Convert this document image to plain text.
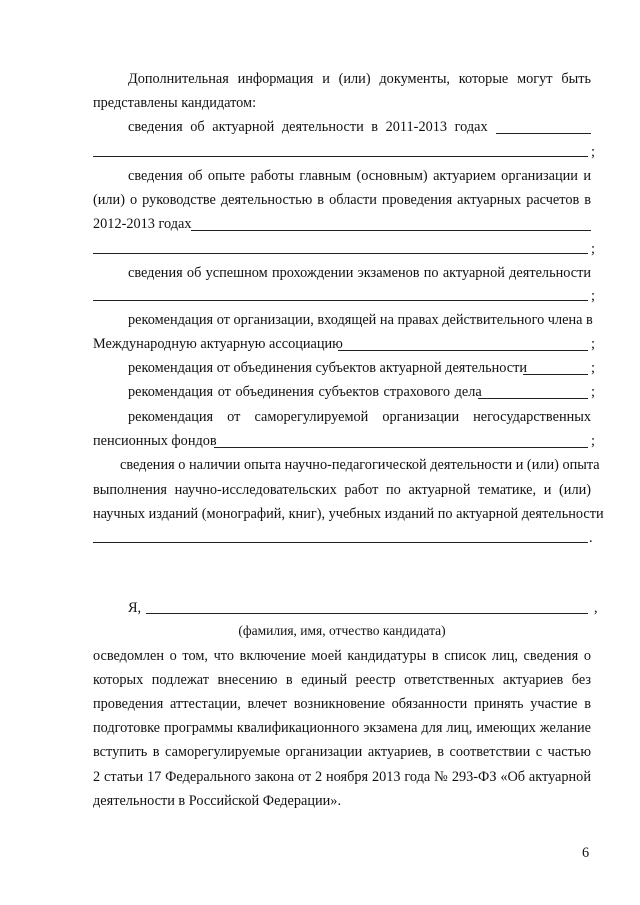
Дополнительная информация и (или) документы, которые могут быть
представлены кандидатом:
сведения об актуарной деятельности в 2011-2013 годах
;
сведения об опыте работы главным (основным) актуарием организации и
(или) о руководстве деятельностью в области проведения актуарных расчетов в
2012-2013 годах
;
сведения об успешном прохождении экзаменов по актуарной деятельности
;
рекомендация от организации, входящей на правах действительного члена в
Международную актуарную ассоциацию	;
рекомендация от объединения субъектов актуарной деятельности	;
рекомендация от объединения субъектов страхового дела	;
рекомендация от саморегулируемой организации негосударственных
пенсионных фондов	;
сведения о наличии опыта научно-педагогической деятельности и (или) опыта
выполнения научно-исследовательских работ по актуарной тематике, и (или)
научных изданий (монографий, книг), учебных изданий по актуарной деятельности
.
Я,	,
(фамилия, имя, отчество кандидата)
осведомлен о том, что включение моей кандидатуры в список лиц, сведения о
которых подлежат внесению в единый реестр ответственных актуариев без
проведения аттестации, влечет возникновение обязанности принять участие в
подготовке программы квалификационного экзамена для лиц, имеющих желание
вступить в саморегулируемые организации актуариев, в соответствии с частью
2 статьи 17 Федерального закона от 2 ноября 2013 года № 293-ФЗ «Об актуарной
деятельности в Российской Федерации».
6
